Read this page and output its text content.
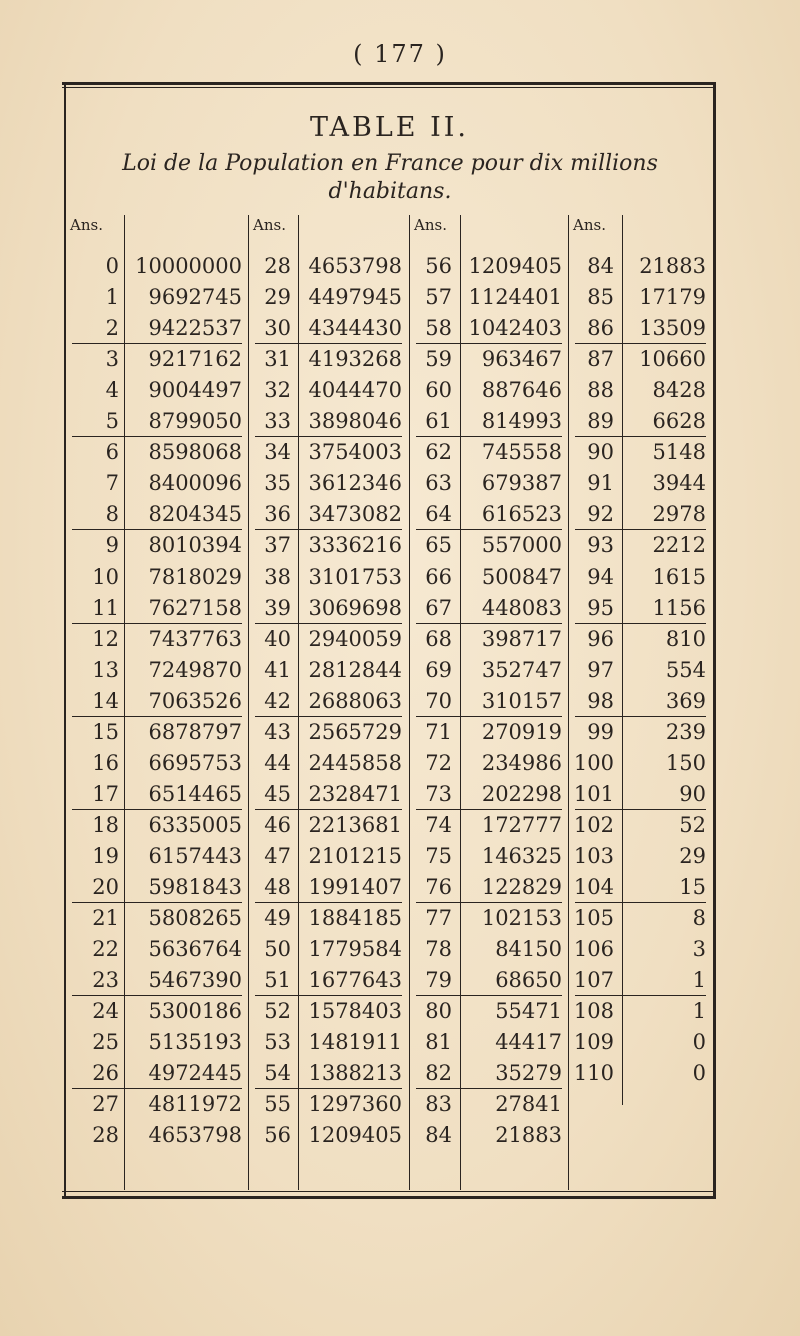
( 177 )
TABLE II.
Loi de la Population en France pour dix millions
d'habitans.
Ans.
0 10000000
1	9692745
2	9422537
3	9217162
4	9004497
5	8799050
6	8598068
7	8400096
8	8204345
9	8010394
10	7818029
11	7627158
12	7437763
13	7249870
14	7063526
15	6878797
16	6695753
17	6514465
18	6335005
19	6157443
20	5981843
21	5808265
22	5636764
23	5467390
24	5300186
25	5135193
26	4972445
27	4811972
28	4653798
Ans.
28 4653798
29 4497945
30 4344430
31 4193268
32 4044470
33 3898046
34 3754003
35 3612346
36 3473082
37 3336216
38 3101753
39 3069698
40 2940059
41 2812844
42 2688063
43 2565729
44 2445858
45 2328471
46 2213681
47 2101215
48 1991407
49 1884185
50 1779584
51 1677643
52 1578403
53 1481911
54 1388213
55 1297360
56 1209405
Ans.
56 1209405
57 1124401
58 1042403
59	963467
60	887646
61	814993
62	745558
63	679387
64	616523
65	557000
66	500847
67	448083
68	398717
69	352747
70	310157
71	270919
72	234986
73	202298
74	172777
75	146325
76	122829
77	102153
78	84150
79	68650
80	55471
81	44417
82	35279
83	27841
84	21883
Ans.
84	21883
85	17179
86	13509
87	10660
88	8428
89	6628
90	5148
91	3944
92	2978
93	2212
94	1615
95	1156
96	810
97	554
98	369
99	239
100	150
101	90
102	52
103	29
104	15
105	8
106	3
107	1
108	1
109	0
110	0
